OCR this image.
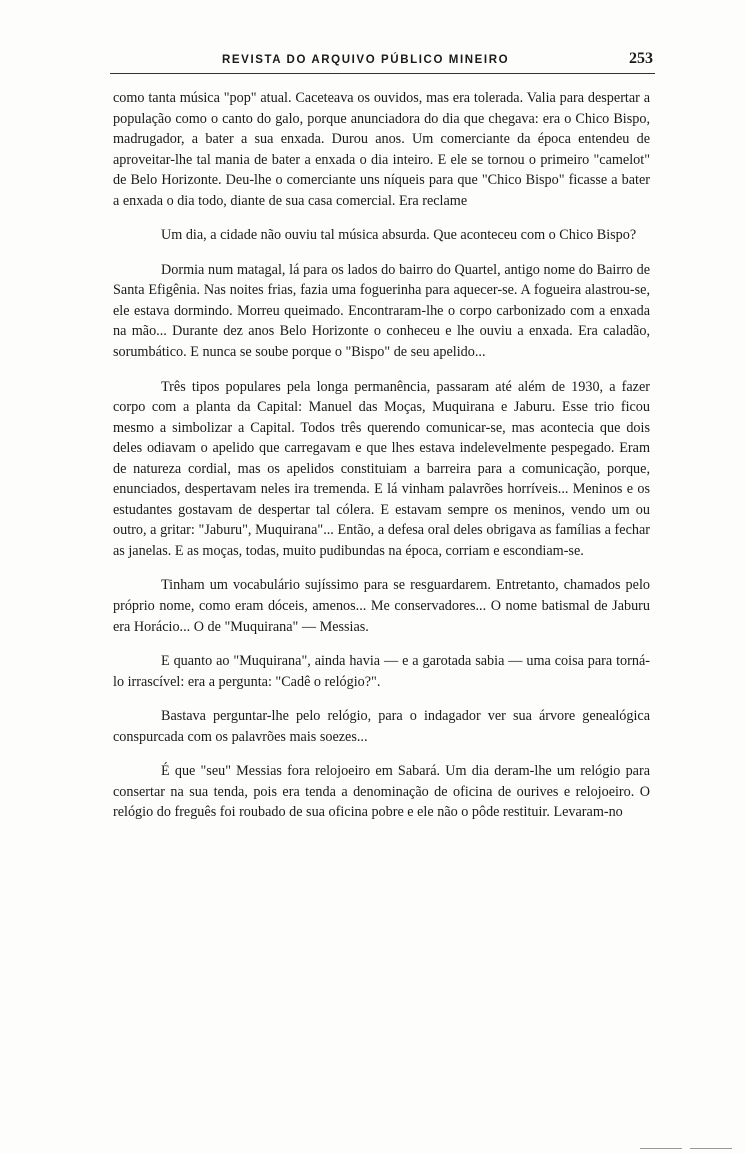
REVISTA DO ARQUIVO PÚBLICO MINEIRO	253

como tanta música "pop" atual. Caceteava os ouvidos, mas era tolerada. Valia para despertar a população como o canto do galo, porque anunciadora do dia que chegava: era o Chico Bispo, madrugador, a bater a sua enxada. Durou anos. Um comerciante da época entendeu de aproveitar-lhe tal mania de bater a enxada o dia inteiro. E ele se tornou o primeiro "camelot" de Belo Horizonte. Deu-lhe o comerciante uns níqueis para que "Chico Bispo" ficasse a bater a enxada o dia todo, diante de sua casa comercial. Era reclame

Um dia, a cidade não ouviu tal música absurda. Que aconteceu com o Chico Bispo?

Dormia num matagal, lá para os lados do bairro do Quartel, antigo nome do Bairro de Santa Efigênia. Nas noites frias, fazia uma foguerinha para aquecer-se. A fogueira alastrou-se, ele estava dormindo. Morreu queimado. Encontraram-lhe o corpo carbonizado com a enxada na mão... Durante dez anos Belo Horizonte o conheceu e lhe ouviu a enxada. Era caladão, sorumbático. E nunca se soube porque o "Bispo" de seu apelido...

Três tipos populares pela longa permanência, passaram até além de 1930, a fazer corpo com a planta da Capital: Manuel das Moças, Muquirana e Jaburu. Esse trio ficou mesmo a simbolizar a Capital. Todos três querendo comunicar-se, mas acontecia que dois deles odiavam o apelido que carregavam e que lhes estava indelevelmente pespegado. Eram de natureza cordial, mas os apelidos constituiam a barreira para a comunicação, porque, enunciados, despertavam neles ira tremenda. E lá vinham palavrões horríveis... Meninos e os estudantes gostavam de despertar tal cólera. E estavam sempre os meninos, vendo um ou outro, a gritar: "Jaburu", Muquirana"... Então, a defesa oral deles obrigava as famílias a fechar as janelas. E as moças, todas, muito pudibundas na época, corriam e escondiam-se.

Tinham um vocabulário sujíssimo para se resguardarem. Entretanto, chamados pelo próprio nome, como eram dóceis, amenos... Me conservadores... O nome batismal de Jaburu era Horácio... O de "Muquirana" — Messias.

E quanto ao "Muquirana", ainda havia — e a garotada sabia — uma coisa para torná-lo irrascível: era a pergunta: "Cadê o relógio?".

Bastava perguntar-lhe pelo relógio, para o indagador ver sua árvore genealógica conspurcada com os palavrões mais soezes...

É que "seu" Messias fora relojoeiro em Sabará. Um dia deram-lhe um relógio para consertar na sua tenda, pois era tenda a denominação de oficina de ourives e relojoeiro. O relógio do freguês foi roubado de sua oficina pobre e ele não o pôde restituir. Levaram-no
